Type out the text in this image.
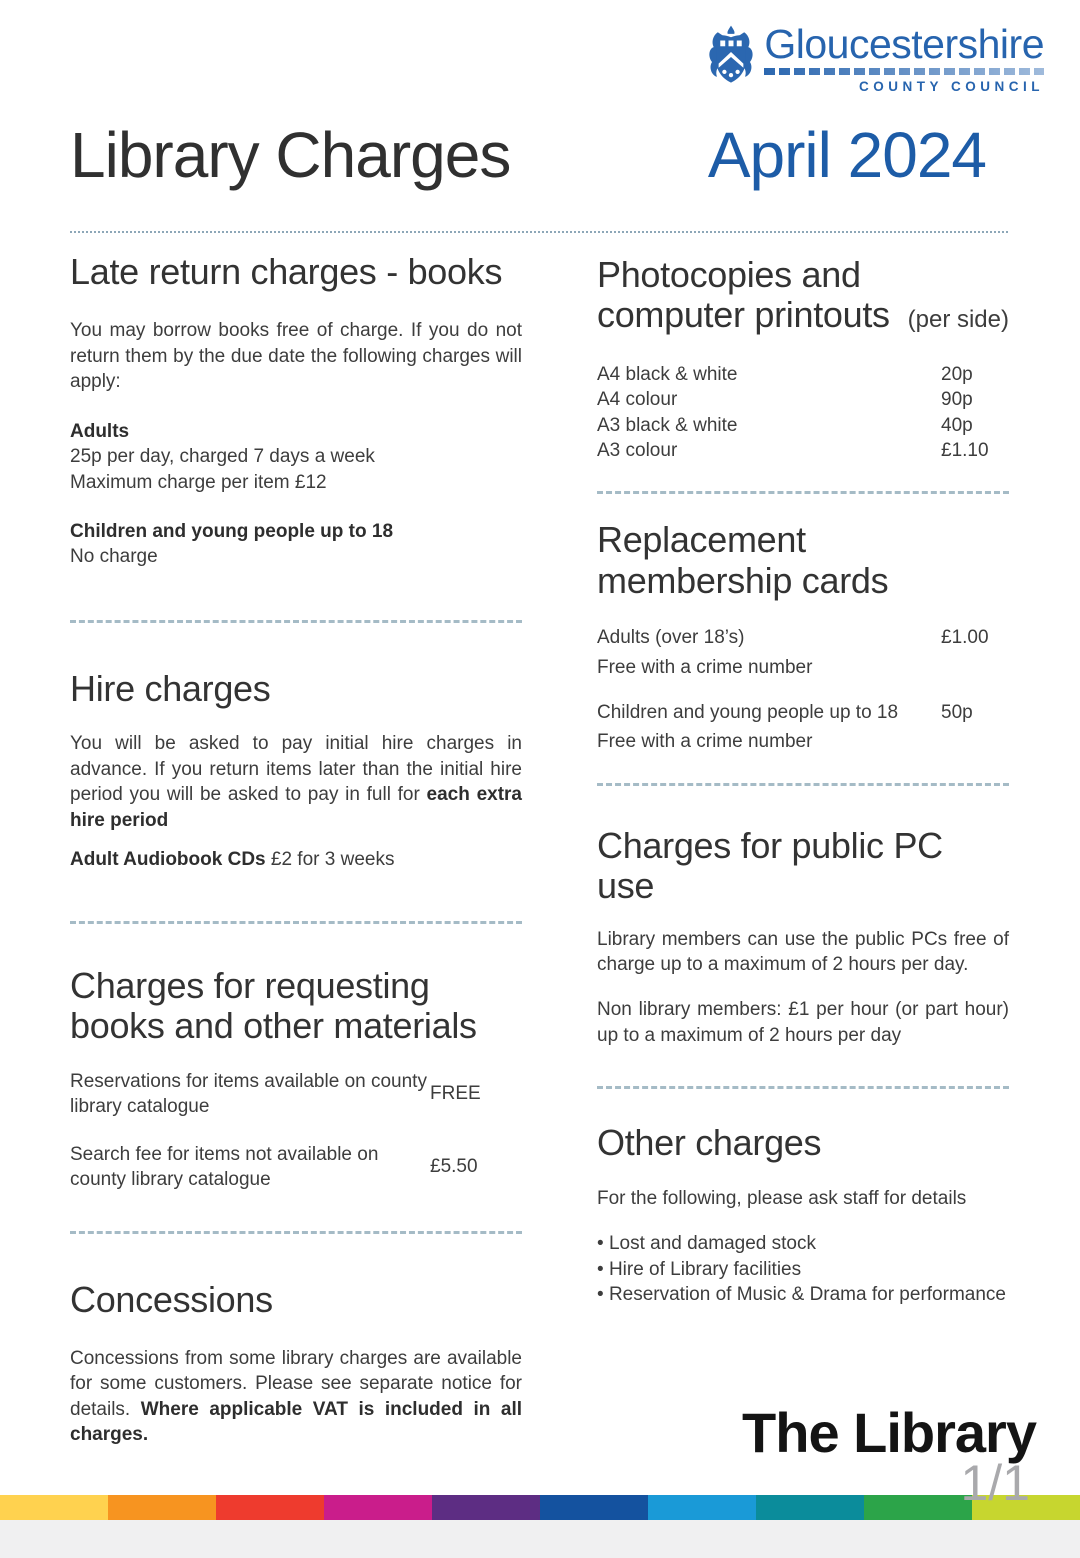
Gloucestershire
COUNTY COUNCIL
Library Charges	April 2024
Late return charges - books

You may borrow books free of charge. If you do not return them by the due date the following charges will apply:

Adults
25p per day, charged 7 days a week
Maximum charge per item £12
Children and young people up to 18
No charge
Hire charges

You will be asked to pay initial hire charges in advance. If you return items later than the initial hire period you will be asked to pay in full for each extra hire period

Adult Audiobook CDs £2 for 3 weeks
Charges for requesting
books and other materials
Reservations for items available on county library catalogue
FREE
Search fee for items not available on county library catalogue
£5.50
Concessions

Concessions from some library charges are available for some customers. Please see separate notice for details. Where applicable VAT is included in all charges.

Photocopies and
computer printouts (per side)
A4 black & white	20p
A4 colour	90p
A3 black & white	40p
A3 colour	£1.10
Replacement
membership cards
Adults (over 18’s)
Free with a crime number
£1.00
Children and young people up to 18
Free with a crime number
50p
Charges for public PC use

Library members can use the public PCs free of charge up to a maximum of 2 hours per day.

Non library members: £1 per hour (or part hour) up to a maximum of 2 hours per day

Other charges

For the following, please ask staff for details

• Lost and damaged stock
• Hire of Library facilities
• Reservation of Music & Drama for performance
The Library
1/1
